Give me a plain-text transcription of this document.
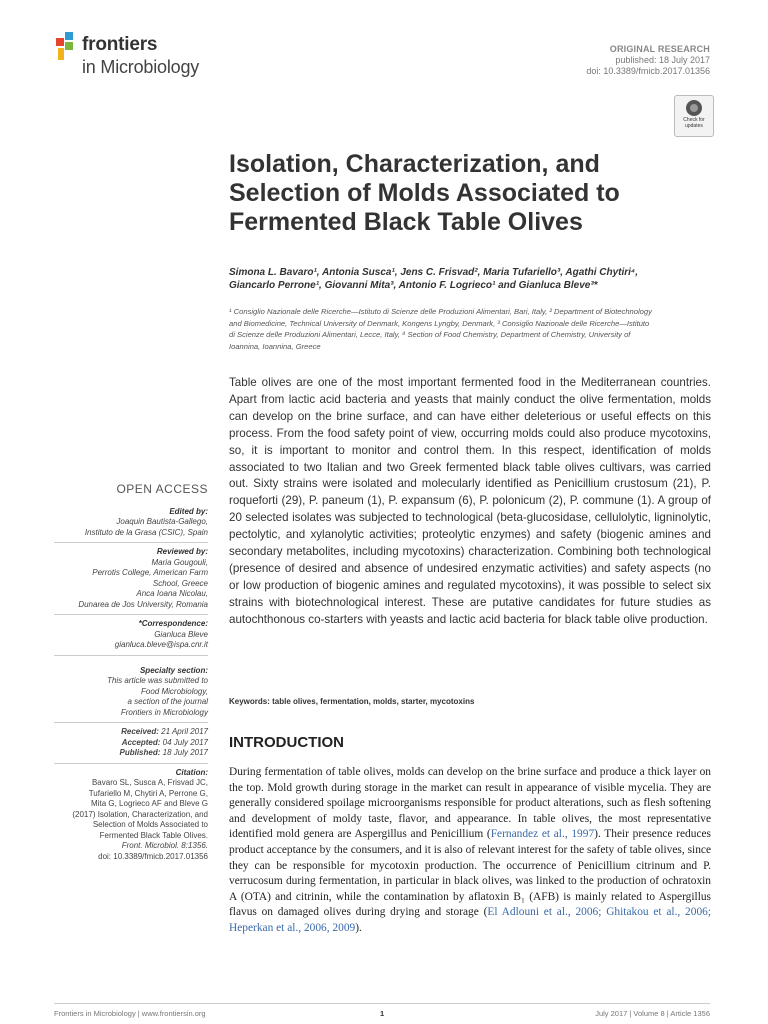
frontiers
in Microbiology
ORIGINAL RESEARCH
published: 18 July 2017
doi: 10.3389/fmicb.2017.01356
Check for updates
Isolation, Characterization, and
Selection of Molds Associated to
Fermented Black Table Olives
Simona L. Bavaro¹, Antonia Susca¹, Jens C. Frisvad², Maria Tufariello³, Agathi Chytiri⁴,
Giancarlo Perrone¹, Giovanni Mita³, Antonio F. Logrieco¹ and Gianluca Bleve³*
¹ Consiglio Nazionale delle Ricerche—Istituto di Scienze delle Produzioni Alimentari, Bari, Italy, ² Department of Biotechnology
and Biomedicine, Technical University of Denmark, Kongens Lyngby, Denmark, ³ Consiglio Nazionale delle Ricerche—Istituto
di Scienze delle Produzioni Alimentari, Lecce, Italy, ⁴ Section of Food Chemistry, Department of Chemistry, University of
Ioannina, Ioannina, Greece
Table olives are one of the most important fermented food in the Mediterranean countries. Apart from lactic acid bacteria and yeasts that mainly conduct the olive fermentation, molds can develop on the brine surface, and can have either deleterious or useful effects on this process. From the food safety point of view, occurring molds could also produce mycotoxins, so, it is important to monitor and control them. In this respect, identification of molds associated to two Italian and two Greek fermented black table olives cultivars, was carried out. Sixty strains were isolated and molecularly identified as Penicillium crustosum (21), P. roqueforti (29), P. paneum (1), P. expansum (6), P. polonicum (2), P. commune (1). A group of 20 selected isolates was subjected to technological (beta-glucosidase, cellulolytic, ligninolytic, pectolytic, and xylanolytic activities; proteolytic enzymes) and safety (biogenic amines and secondary metabolites, including mycotoxins) characterization. Combining both technological (presence of desired and absence of undesired enzymatic activities) and safety aspects (no or low production of biogenic amines and regulated mycotoxins), it was possible to select six strains with biotechnological interest. These are putative candidates for future studies as autochthonous co-starters with yeasts and lactic acid bacteria for black table olive production.
Keywords: table olives, fermentation, molds, starter, mycotoxins
INTRODUCTION
During fermentation of table olives, molds can develop on the brine surface and produce a thick layer on the top. Mold growth during storage in the market can result in appearance of visible mycelia. They are generally considered spoilage microorganisms responsible for product alterations, such as flesh softening and development of moldy taste, flavor, and appearance. In table olives, the most representative identified mold genera are Aspergillus and Penicillium (Fernandez et al., 1997). Their presence reduces product acceptance by the consumers, and it is also of relevant interest for the safety of table olives, since they can be responsible for mycotoxin production. The occurrence of Penicillium citrinum and P. verrucosum during fermentation, in particular in black olives, was linked to the production of ochratoxin A (OTA) and citrinin, while the contamination by aflatoxin B₁ (AFB) is mainly related to Aspergillus flavus on damaged olives during drying and storage (El Adlouni et al., 2006; Ghitakou et al., 2006; Heperkan et al., 2006, 2009).
OPEN ACCESS
Edited by:
Joaquin Bautista-Gallego,
Instituto de la Grasa (CSIC), Spain
Reviewed by:
Maria Gougouli,
Perrotis College, American Farm
School, Greece
Anca Ioana Nicolau,
Dunarea de Jos University, Romania
*Correspondence:
Gianluca Bleve
gianluca.bleve@ispa.cnr.it
Specialty section:
This article was submitted to
Food Microbiology,
a section of the journal
Frontiers in Microbiology
Received: 21 April 2017
Accepted: 04 July 2017
Published: 18 July 2017
Citation:
Bavaro SL, Susca A, Frisvad JC,
Tufariello M, Chytiri A, Perrone G,
Mita G, Logrieco AF and Bleve G
(2017) Isolation, Characterization, and
Selection of Molds Associated to
Fermented Black Table Olives.
Front. Microbiol. 8:1356.
doi: 10.3389/fmicb.2017.01356
Frontiers in Microbiology | www.frontiersin.org	1	July 2017 | Volume 8 | Article 1356
